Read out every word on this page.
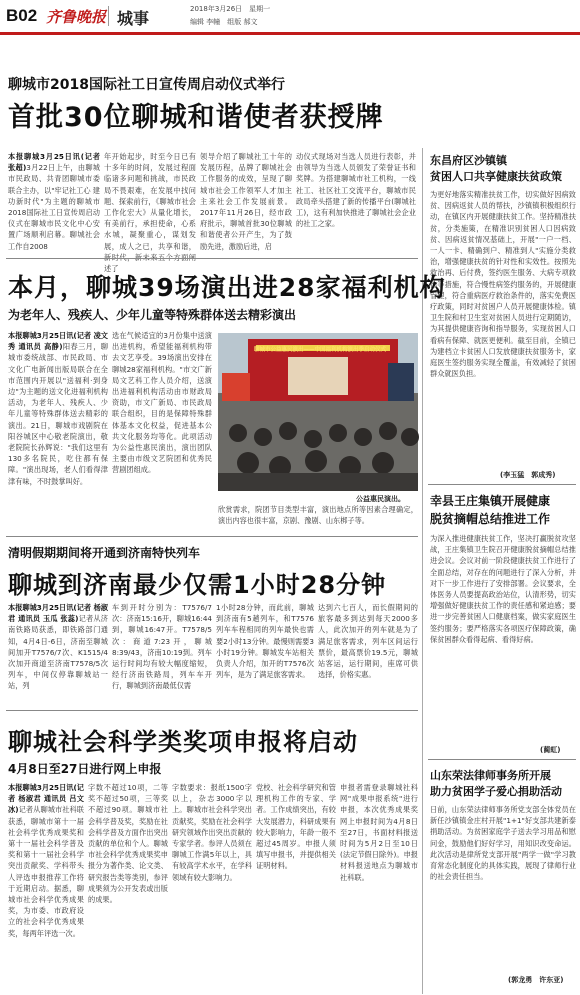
B02 齐鲁晚报 城事	2018年3月26日　星期一
编辑 李幢　组版 郝文
聊城市2018国际社工日宣传周启动仪式举行
首批30位聊城和谐使者获授牌
本报聊城3月25日讯(记者 张超)3月22日上午，由聊城市民政局、共青团聊城市委联合主办，以"牢记社工心 建功新时代"为主题的聊城市2018国际社工日宣传周启动仪式在聊城市民文化中心安置广场顺利启幕。聊城社会工作自2008
年开始起步，时至今日已有十多年的时间，发展过程面临诸多问题和挑战，市民政局不畏艰难，在发展中找问题、探索前行，《聊城市社会工作化宏大》从量化增长，有美前行，承担使命，心系水城，凝聚重心，谋划发展，成人之已，共享和谐， 述了
领导介绍了聊城社工十年的发展历程，品牌了聊城社会工作服务的成效，呈现了聊城市社会工作领军人才加主主来社会工作发展前景。2017年11月26日，经市政府批示，聊城首批30位聊城和谐使者公开产生，为了鼓励先进，激励后进，启
动仪式现场对当选人员进行表彰，并由领导为当选人员颁发了荣誉证书和奖牌。为搭建聊城市社工机构，一线社工、社区社工交流平台，聊城市民政局牵头搭建了新的传播平台(聊城社工)，这有利加快推进了聊城社会企业的社工之家。
东昌府区沙镇镇
贫困人口共享健康扶贫政策
为更好地落实精准扶贫工作，切实做好因病致贫、因病返贫人员的帮扶，沙镇镇积极组织行动，在镇区内开展健康扶贫工作。坚持精准扶贫，分类施策，在精准识别贫困人口因病致贫、因病返贫情况基础上，开展"一户一档、一人一卡、精确到户、精准到人"实施分类救治，增强健康扶贫的针对性和实效性。按照先救治再、后付费，签约医生服务、大病专项救治等措施，符合慢性病签约服务的，开展健康管理，符合重病医疗救治条件的，落实免费医疗政策，同时对贫困户人员开展健康体检。镇卫生院和村卫生室对贫困人员进行定期随访，为其提供健康咨询和指导服务，实现贫困人口看病有保障、就医更便利。截至目前，全镇已为建档立卡贫困人口发放健康扶贫服务卡，家庭医生签约服务实现全覆盖，有效减轻了贫困群众就医负担。
(李玉猛　郭成秀)
幸县王庄集镇开展健康
脱贫摘帽总结推进工作
为深入推进健康扶贫工作，坚决打赢脱贫攻坚战，王庄集镇卫生院召开健康脱贫摘帽总结推进会议。会议对前一阶段健康扶贫工作进行了全面总结，对存在的问题进行了深入分析，并对下一步工作进行了安排部署。会议要求，全体医务人员要提高政治站位，认清形势，切实增强做好健康扶贫工作的责任感和紧迫感；要进一步完善贫困人口健康档案，做实家庭医生签约服务；要严格落实各项医疗保障政策，确保贫困群众看得起病、看得好病。
(蔺虹)
山东荣法律师事务所开展
助力贫困学子爱心捐助活动
日前，山东荣法律师事务所党支部全体党员在新任沙镇镇金庄村开展"1+1"好支部共建新泰捐助活动。为贫困家庭学子送去学习用品和慰问金，鼓励他们好好学习，用知识改变命运。此次活动是律所党支部开展"两学一做"学习教育常态化制度化的具体实践，展现了律师行业的社会责任担当。
(郭龙勇　许东亚)
本月，聊城39场演出进28家福利机构
为老年人、残疾人、少年儿童等特殊群体送去精彩演出
本报聊城3月25日讯(记者 凌文秀 通讯员 高静)阳春三月，聊城市委统战部、市民政局、市文化广电新闻出版局联合在全市范围内开展以"送福利·到身边"为主题的送文化进福利机构活动，为老年人、残疾人、少年儿童等特殊群体送去精彩的演出。21日，聊城市戏剧院在阳谷城区中心敬老院演出，敬老院院长孙辉说："我们这里有130多名院民，吃住都有保障。"演出现场，老人们看得津津有味，不时鼓掌叫好。
选在气候适宜的3月份集中送演出进机构，希望能福利机构带去文艺享受。39场演出安排在聊城28家福利机构。"市文广新局文艺科工作人员介绍，送演出进福利机构活动由市财政局资助，市文广新局、市民政局联合组织，目的是保障特殊群体基本文化权益，促进基本公共文化服务均等化。此项活动为公益性惠民演出，演出团队主要由市级文艺院团和优秀民营剧团组成。
聊城市公益惠民演出——中国福利机构演出季启动仪式
公益惠民演出。
欣赏需求，院团节目类型丰富，演出地点所等因素合理确定，演出内容也很丰富，京剧、豫剧、山东梆子等。
清明假期期间将开通到济南特快列车
聊城到济南最少仅需1小时28分钟
本报聊城3月25日讯(记者 杨淑君 通讯员 玉瓜 张蕊)记者从济南铁路局获悉，即铁路部门通知，4月4日-6日，济南至聊城间加开T7576/7次、K1515/4次加开商道至济南T7578/5次列车，中间仅停靠聊城站一站，列
车到开时分别为：T7576/7次：济南15:16开，聊城16:44到，聊城16:47开。T7578/5次：商道7:23开，聊城8:39/43，济南10:19到。列车运行时间均有较大幅度缩短，经行济南铁路局，列车车开行，聊城到济南最低仅需
1小时28分钟，而此前，聊城到济南有5趟列车，和T7576列车车程相同的列车最快也需要2小时13分钟。最慢则需要3小时19分钟。聊城发车站相关负责人介绍，加开的T7576次列车，是为了满足旅客需求。
达到六七百人，而长假期间的旅客最多到达到每天2000多人，此次加开的列车就是为了满足旅客需求，列车区间运行票价，最高票价19.5元，聊城站客运，运行期间，座席可供选择，价格实惠。
聊城社会科学类奖项申报将启动
4月8日至27日进行网上申报
本报聊城3月25日讯(记者 杨淑君 通讯员 吕文冰)记者从聊城市社科联获悉，聊城市第十一届社会科学优秀成果奖和第十一届社会科学普及奖和第十一届社会科学突出贡献奖、学科带头人评选申报推荐工作将于近期启动。据悉，聊城市社会科学优秀成果奖，为市委、市政府设立的社会科学优秀成果奖，每两年评选一次。
字数不超过10项，二等奖不超过50项，三等奖不超过90项。聊城市社会科学普及奖，奖励在社会科学普及方面作出突出贡献的单位和个人。聊城市社会科学优秀成果奖申报分为著作类、论文类、研究报告类等类别，参评成果须为公开发表或出版的成果。
字数要求：报纸1500字以上，杂志3000字以上。聊城市社会科学突出贡献奖，奖励在社会科学研究领域作出突出贡献的专家学者。参评人员须在聊城工作满5年以上，具有较高学术水平，在学科领域有较大影响力。
党校、社会科学研究和管理机构工作的专家、学者。工作成绩突出，有较大发展潜力，科研成果有较大影响力，年龄一般不超过45周岁。申报人须填写申报书，并提供相关证明材料。
申报者需登录聊城社科网"成果申报系统"进行申报，本次优秀成果奖网上申报时间为4月8日至27日，书面材料报送时间为5月2日至10日(法定节假日除外)。申报材料报送地点为聊城市社科联。
